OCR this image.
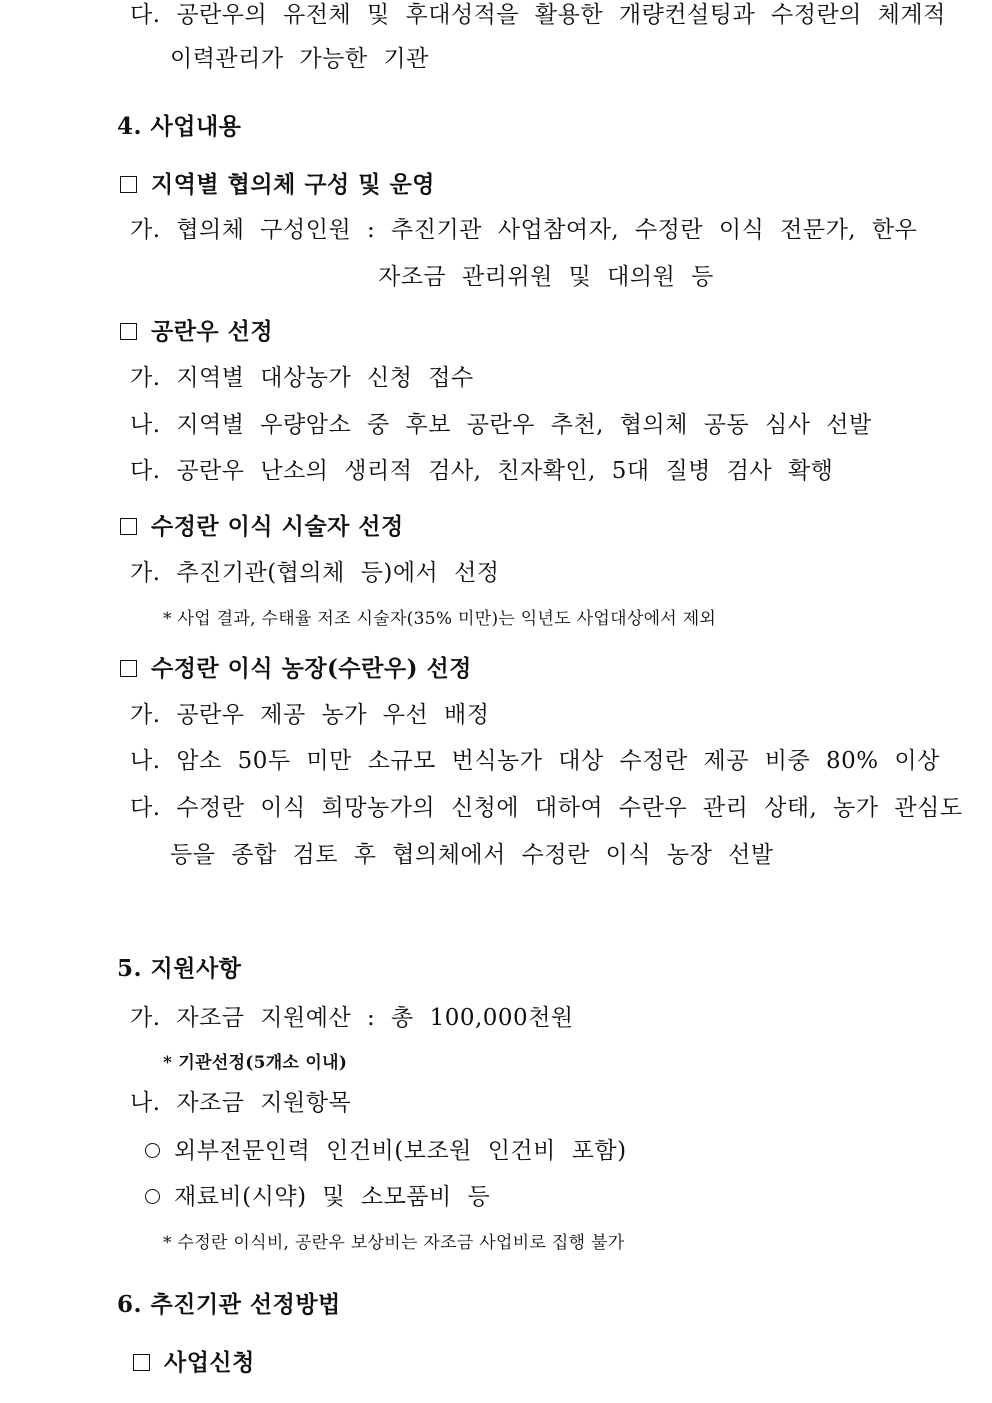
다. 공란우의 유전체 및 후대성적을 활용한 개량컨설팅과 수정란의 체계적
이력관리가 가능한 기관
4. 사업내용
지역별 협의체 구성 및 운영
가. 협의체 구성인원 : 추진기관 사업참여자, 수정란 이식 전문가, 한우
자조금 관리위원 및 대의원 등
공란우 선정
가. 지역별 대상농가 신청 접수
나. 지역별 우량암소 중 후보 공란우 추천, 협의체 공동 심사 선발
다. 공란우 난소의 생리적 검사, 친자확인, 5대 질병 검사 확행
수정란 이식 시술자 선정
가. 추진기관(협의체 등)에서 선정
* 사업 결과, 수태율 저조 시술자(35% 미만)는 익년도 사업대상에서 제외
수정란 이식 농장(수란우) 선정
가. 공란우 제공 농가 우선 배정
나. 암소 50두 미만 소규모 번식농가 대상 수정란 제공 비중 80% 이상
다. 수정란 이식 희망농가의 신청에 대하여 수란우 관리 상태, 농가 관심도
등을 종합 검토 후 협의체에서 수정란 이식 농장 선발
5. 지원사항
가. 자조금 지원예산 : 총 100,000천원
* 기관선정(5개소 이내)
나. 자조금 지원항목
외부전문인력 인건비(보조원 인건비 포함)
재료비(시약) 및 소모품비 등
* 수정란 이식비, 공란우 보상비는 자조금 사업비로 집행 불가
6. 추진기관 선정방법
사업신청
